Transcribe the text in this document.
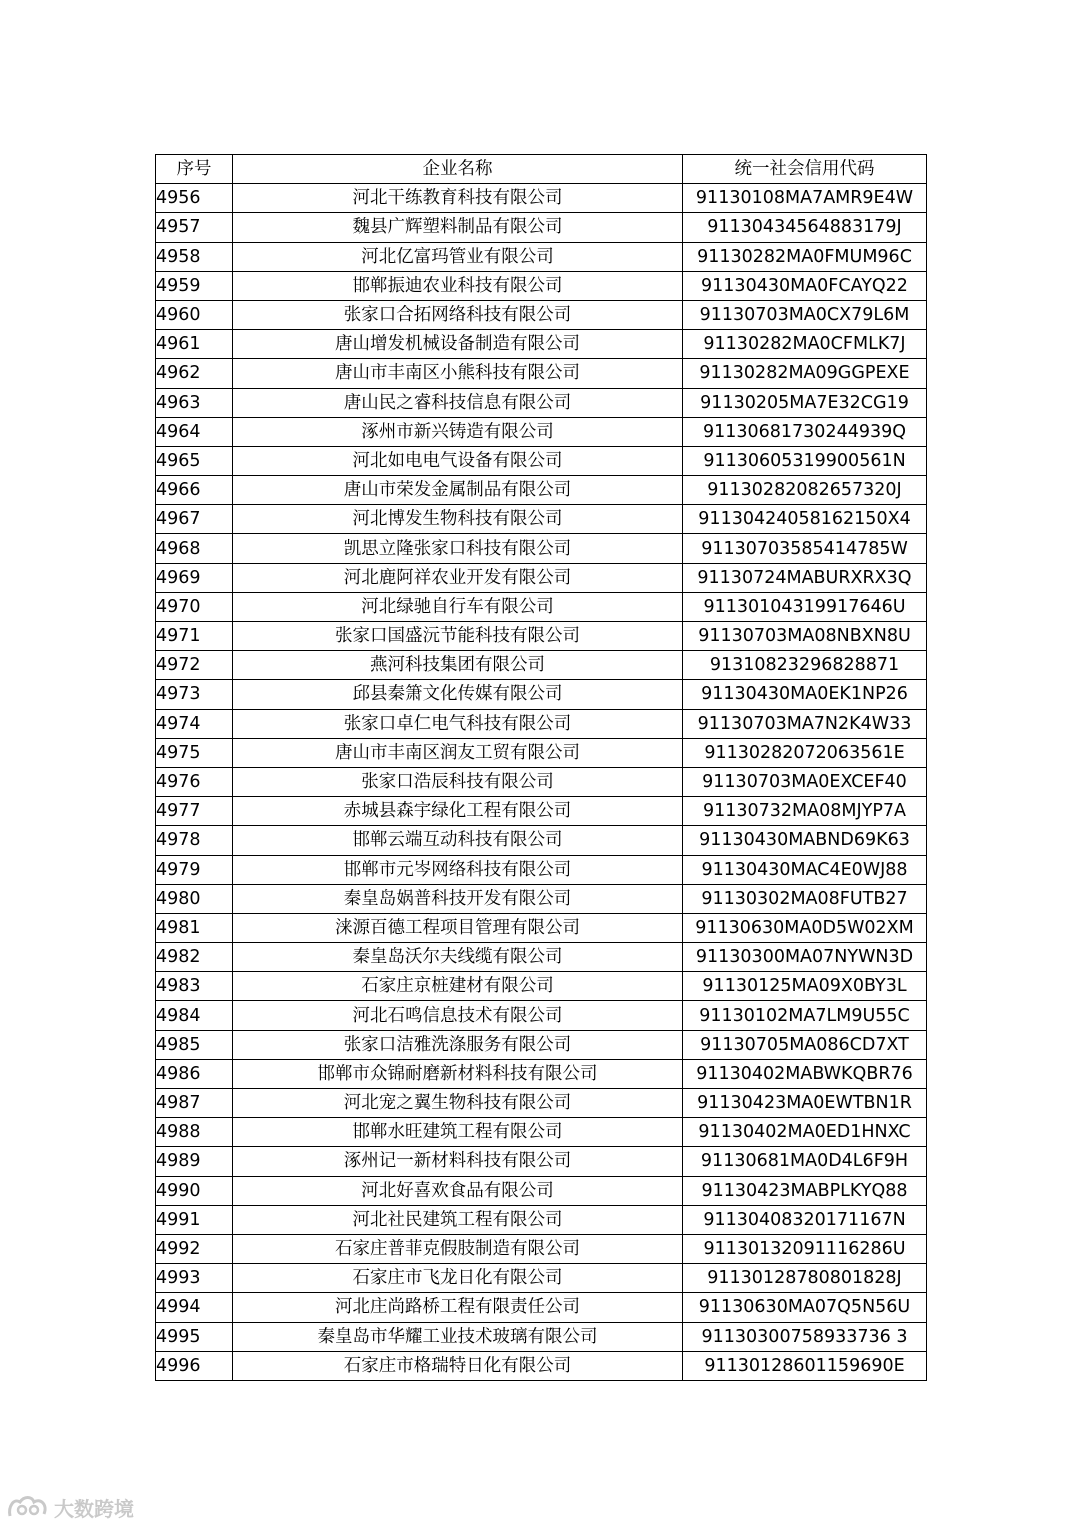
序号	企业名称	统一社会信用代码
4956	河北干练教育科技有限公司	91130108MA7AMR9E4W
4957	魏县广辉塑料制品有限公司	91130434564883179J
4958	河北亿富玛管业有限公司	91130282MA0FMUM96C
4959	邯郸振迪农业科技有限公司	91130430MA0FCAYQ22
4960	张家口合拓网络科技有限公司	91130703MA0CX79L6M
4961	唐山增发机械设备制造有限公司	91130282MA0CFMLK7J
4962	唐山市丰南区小熊科技有限公司	91130282MA09GGPEXE
4963	唐山民之睿科技信息有限公司	91130205MA7E32CG19
4964	涿州市新兴铸造有限公司	91130681730244939Q
4965	河北如电电气设备有限公司	91130605319900561N
4966	唐山市荣发金属制品有限公司	91130282082657320J
4967	河北博发生物科技有限公司	91130424058162150X4
4968	凯思立隆张家口科技有限公司	91130703585414785W
4969	河北鹿阿祥农业开发有限公司	91130724MABURXRX3Q
4970	河北绿驰自行车有限公司	91130104319917646U
4971	张家口国盛沅节能科技有限公司	91130703MA08NBXN8U
4972	燕河科技集团有限公司	91310823296828871
4973	邱县秦箫文化传媒有限公司	91130430MA0EK1NP26
4974	张家口卓仁电气科技有限公司	91130703MA7N2K4W33
4975	唐山市丰南区润友工贸有限公司	91130282072063561E
4976	张家口浩辰科技有限公司	91130703MA0EXCEF40
4977	赤城县森宇绿化工程有限公司	91130732MA08MJYP7A
4978	邯郸云端互动科技有限公司	91130430MABND69K63
4979	邯郸市元岑网络科技有限公司	91130430MAC4E0WJ88
4980	秦皇岛娲普科技开发有限公司	91130302MA08FUTB27
4981	涞源百德工程项目管理有限公司	91130630MA0D5W02XM
4982	秦皇岛沃尔夫线缆有限公司	91130300MA07NYWN3D
4983	石家庄京桩建材有限公司	91130125MA09X0BY3L
4984	河北石鸣信息技术有限公司	91130102MA7LM9U55C
4985	张家口洁雅洗涤服务有限公司	91130705MA086CD7XT
4986	邯郸市众锦耐磨新材料科技有限公司	91130402MABWKQBR76
4987	河北宠之翼生物科技有限公司	91130423MA0EWTBN1R
4988	邯郸水旺建筑工程有限公司	91130402MA0ED1HNXC
4989	涿州记一新材料科技有限公司	91130681MA0D4L6F9H
4990	河北好喜欢食品有限公司	91130423MABPLKYQ88
4991	河北社民建筑工程有限公司	91130408320171167N
4992	石家庄普菲克假肢制造有限公司	91130132091116286U
4993	石家庄市飞龙日化有限公司	91130128780801828J
4994	河北庄尚路桥工程有限责任公司	91130630MA07Q5N56U
4995	秦皇岛市华耀工业技术玻璃有限公司	91130300758933736 3
4996	石家庄市格瑞特日化有限公司	91130128601159690E
大数跨境
